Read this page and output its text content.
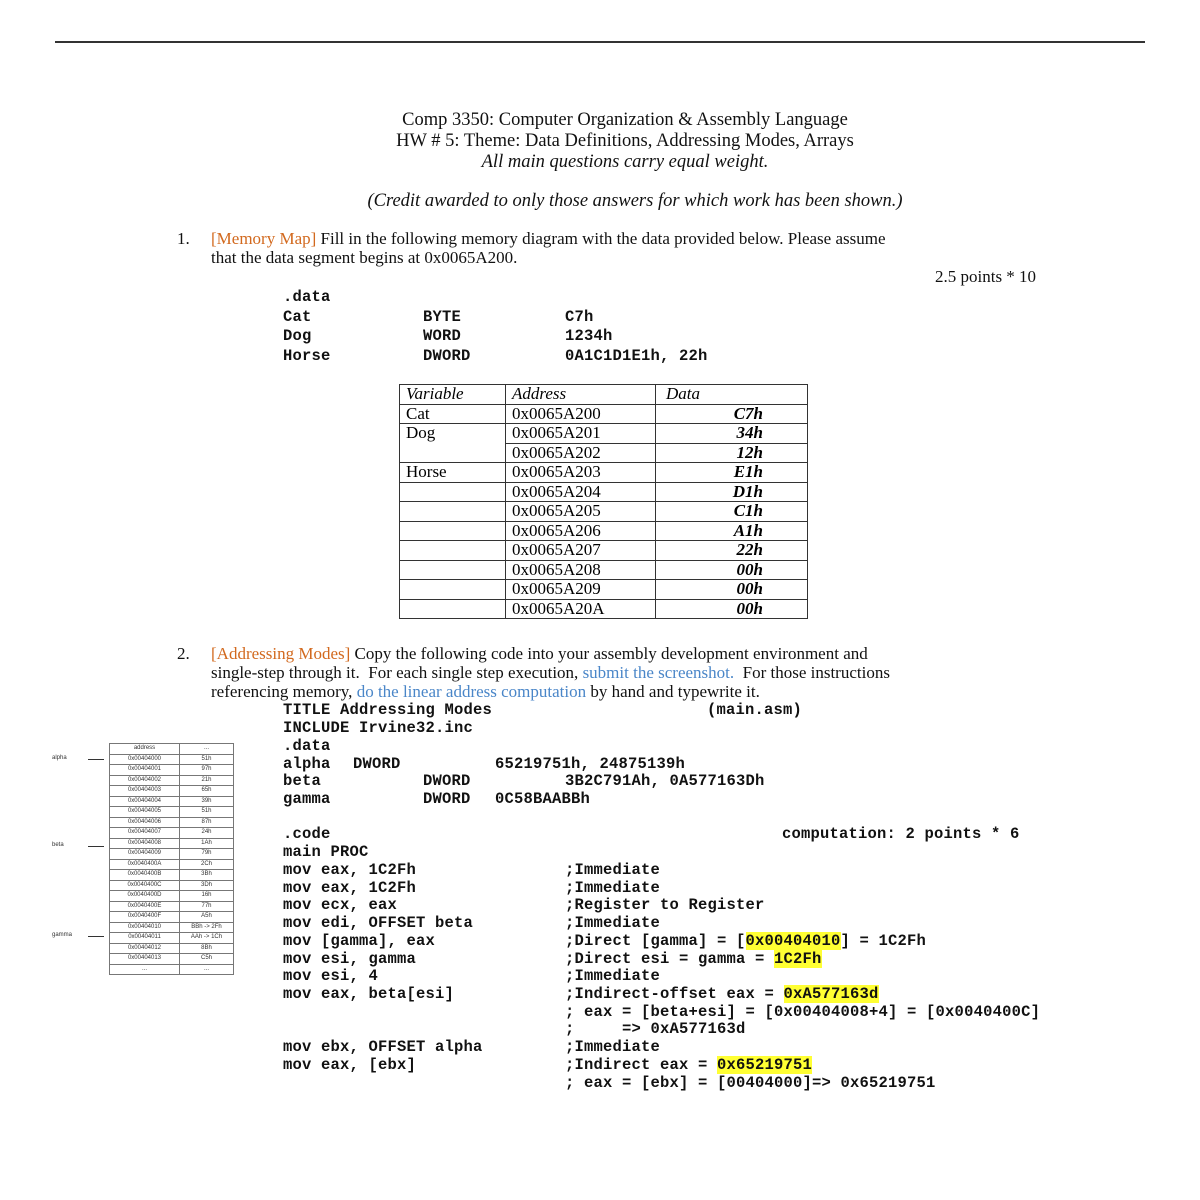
Comp 3350: Computer Organization & Assembly Language
HW # 5: Theme: Data Definitions, Addressing Modes, Arrays
All main questions carry equal weight.
(Credit awarded to only those answers for which work has been shown.)
1. [Memory Map] Fill in the following memory diagram with the data provided below. Please assume
that the data segment begins at 0x0065A200.
2.5 points * 10
.data
Cat	BYTE	C7h
Dog	WORD	1234h
Horse	DWORD	0A1C1D1E1h, 22h
Variable	Address	Data
Cat	0x0065A200	C7h
Dog	0x0065A201	34h
	0x0065A202	12h
Horse	0x0065A203	E1h
	0x0065A204	D1h
	0x0065A205	C1h
	0x0065A206	A1h
	0x0065A207	22h
	0x0065A208	00h
	0x0065A209	00h
	0x0065A20A	00h
2. [Addressing Modes] Copy the following code into your assembly development environment and
single-step through it.  For each single step execution, submit the screenshot.  For those instructions
referencing memory, do the linear address computation by hand and typewrite it.
TITLE Addressing Modes	(main.asm)
INCLUDE Irvine32.inc
.data
alpha DWORD	65219751h, 24875139h
beta	DWORD	3B2C791Ah, 0A577163Dh
gamma	DWORD 0C58BAABBh
.code	computation: 2 points * 6
main PROC
mov eax, 1C2Fh	;Immediate
mov eax, 1C2Fh	;Immediate
mov ecx, eax	;Register to Register
mov edi, OFFSET beta	;Immediate
mov [gamma], eax	;Direct [gamma] = [0x00404010] = 1C2Fh
mov esi, gamma	;Direct esi = gamma = 1C2Fh
mov esi, 4	;Immediate
mov eax, beta[esi]	;Indirect-offset eax = 0xA577163d
; eax = [beta+esi] = [0x00404008+4] = [0x0040400C]
;     => 0xA577163d
mov ebx, OFFSET alpha	;Immediate
mov eax, [ebx]	;Indirect eax = 0x65219751
; eax = [ebx] = [00404000]=> 0x65219751
alpha
beta
gamma
address	...
0x00404000	51h
0x00404001	97h
0x00404002	21h
0x00404003	65h
0x00404004	39h
0x00404005	51h
0x00404006	87h
0x00404007	24h
0x00404008	1Ah
0x00404009	79h
0x0040400A	2Ch
0x0040400B	3Bh
0x0040400C	3Dh
0x0040400D	16h
0x0040400E	77h
0x0040400F	A5h
0x00404010	BBh -> 2Fh
0x00404011	AAh -> 1Ch
0x00404012	8Bh
0x00404013	C5h
...	...
